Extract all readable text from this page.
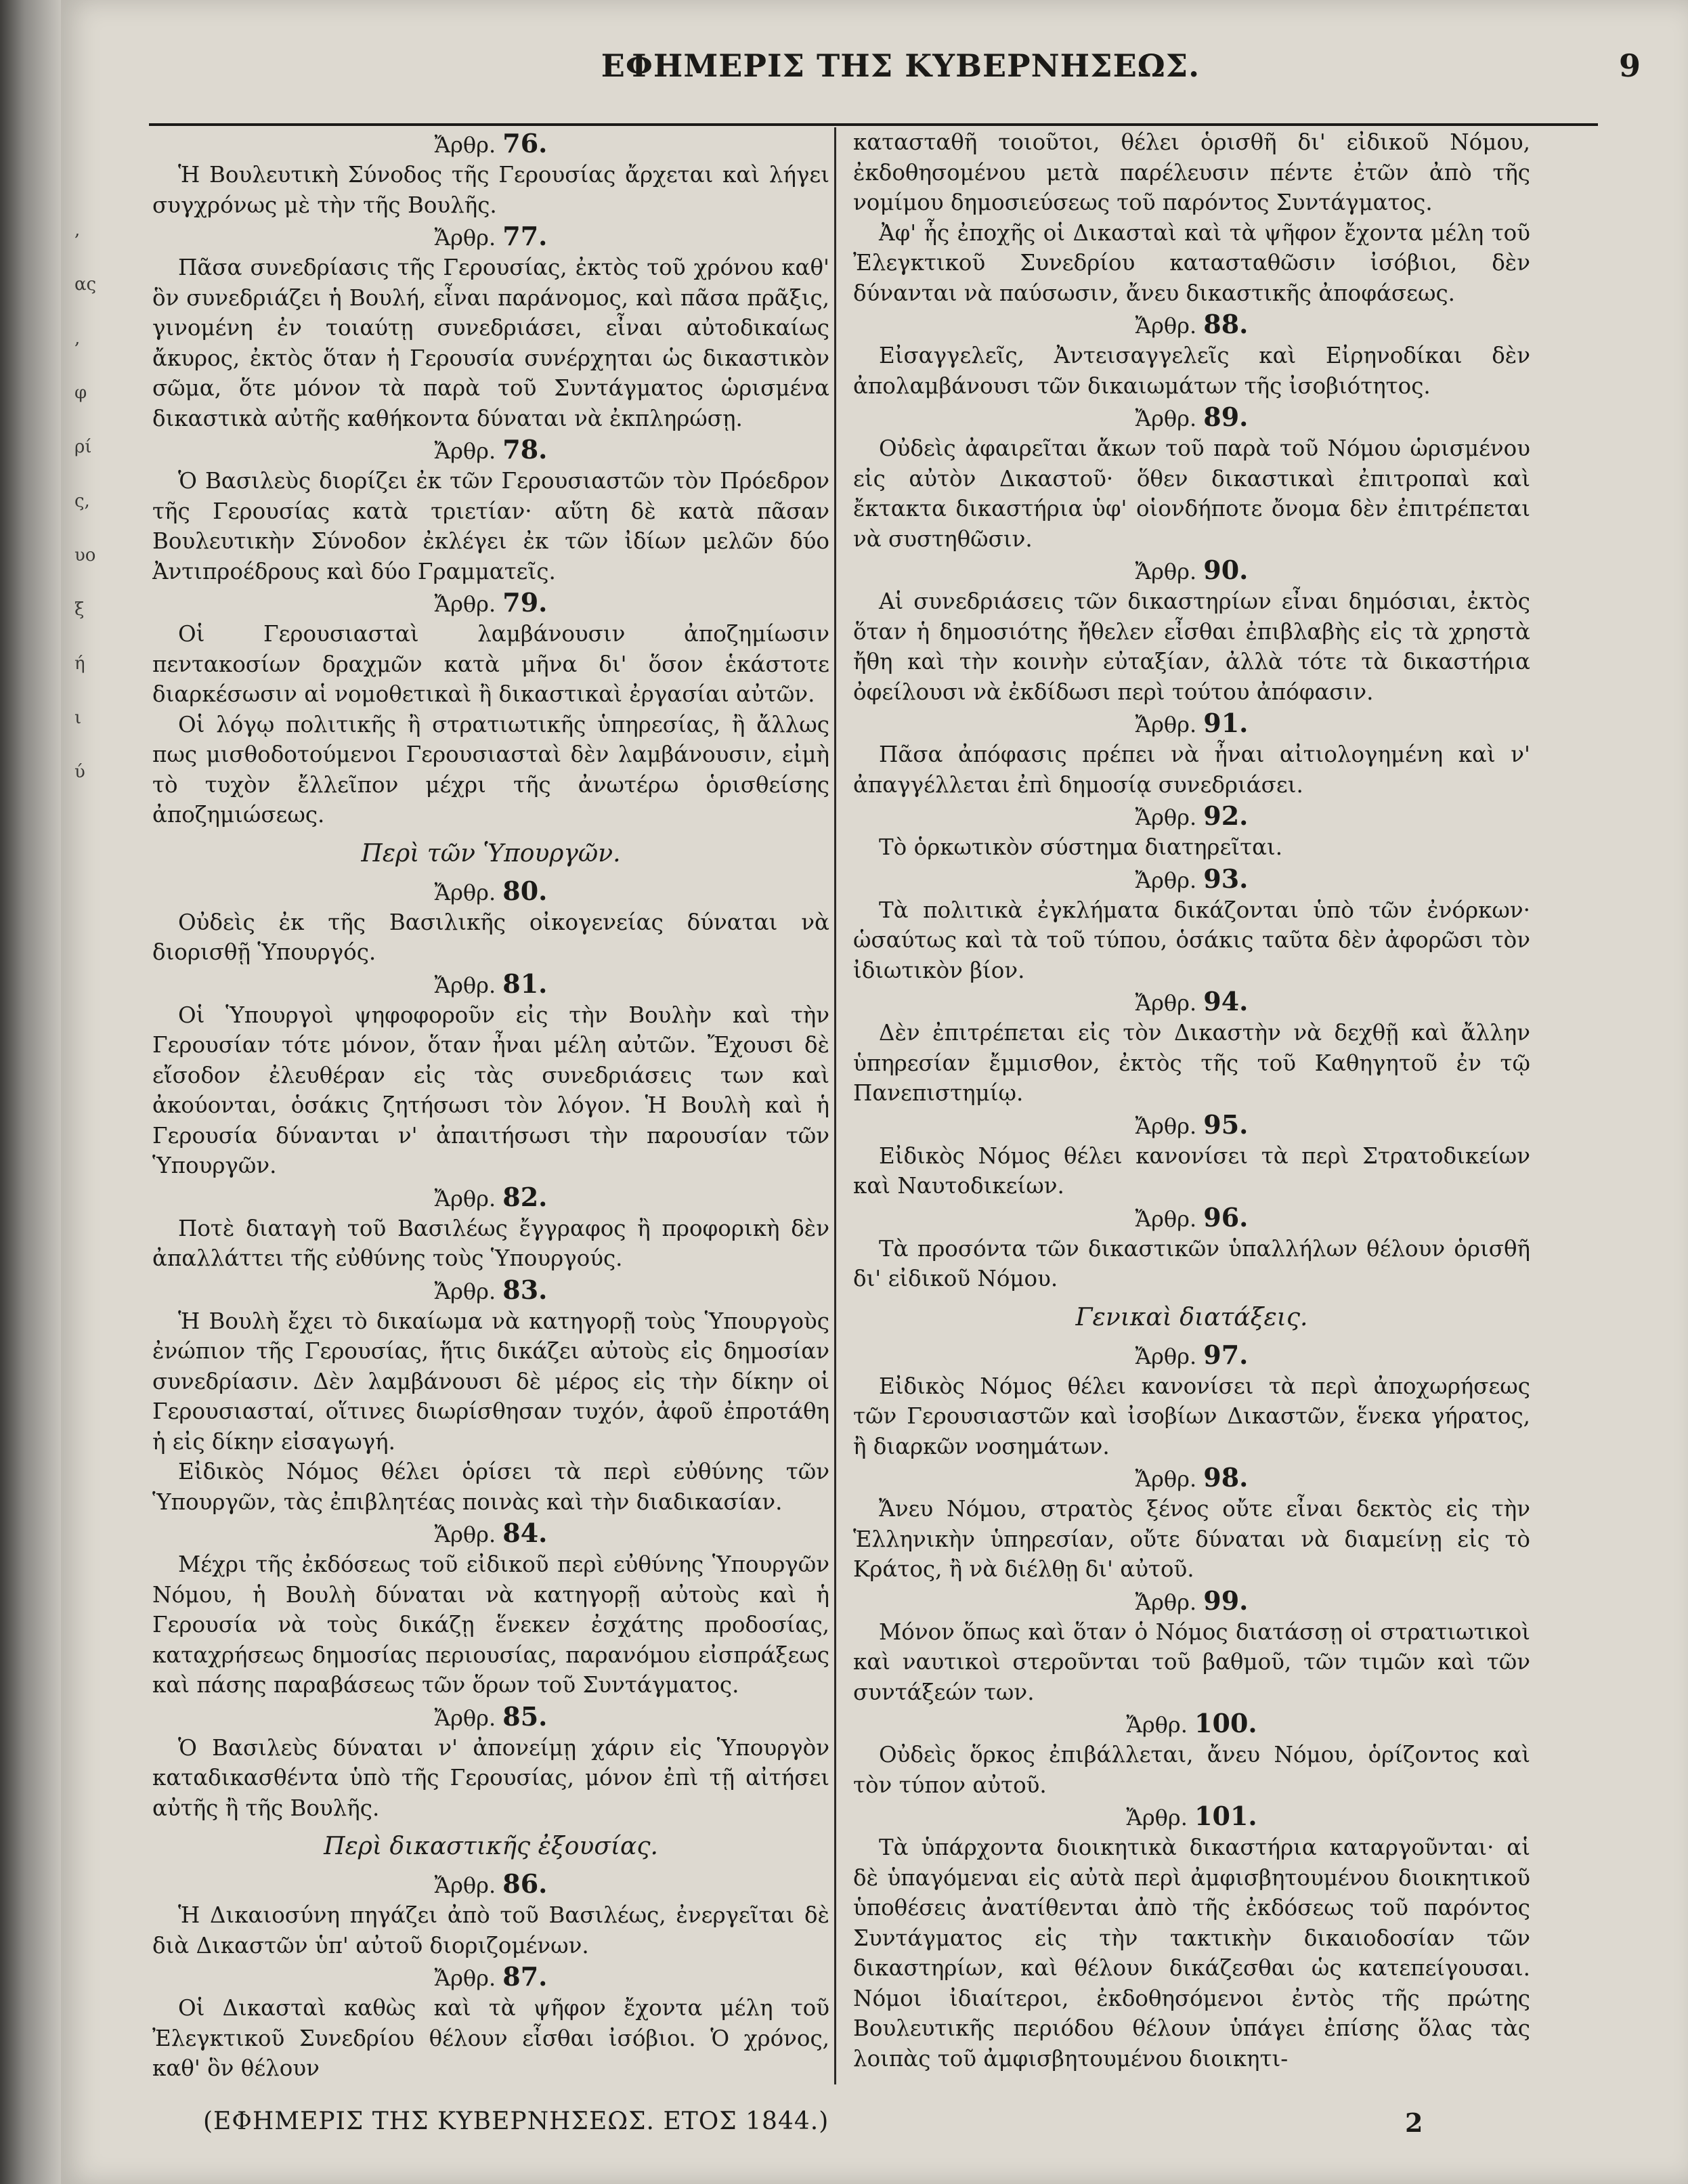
,
ας
,
φ
ρί
ς,
υο
ξ
ή
ι
ύ
ΕΦΗΜΕΡΙΣ ΤΗΣ ΚΥΒΕΡΝΗΣΕΩΣ.	9
Ἄρθρ. 76.

Ἡ Βουλευτικὴ Σύνοδος τῆς Γερουσίας ἄρχεται καὶ λήγει συγχρόνως μὲ τὴν τῆς Βουλῆς.

Ἄρθρ. 77.

Πᾶσα συνεδρίασις τῆς Γερουσίας, ἐκτὸς τοῦ χρόνου καθ' ὃν συνεδριάζει ἡ Βουλή, εἶναι παράνομος, καὶ πᾶσα πρᾶξις, γινομένη ἐν τοιαύτῃ συνεδριάσει, εἶναι αὐτοδικαίως ἄκυρος, ἐκτὸς ὅταν ἡ Γερουσία συνέρχηται ὡς δικαστικὸν σῶμα, ὅτε μόνον τὰ παρὰ τοῦ Συντάγματος ὡρισμένα δικαστικὰ αὐτῆς καθήκοντα δύναται νὰ ἐκπληρώσῃ.

Ἄρθρ. 78.

Ὁ Βασιλεὺς διορίζει ἐκ τῶν Γερουσιαστῶν τὸν Πρόεδρον τῆς Γερουσίας κατὰ τριετίαν· αὕτη δὲ κατὰ πᾶσαν Βουλευτικὴν Σύνοδον ἐκλέγει ἐκ τῶν ἰδίων μελῶν δύο Ἀντιπροέδρους καὶ δύο Γραμματεῖς.

Ἄρθρ. 79.

Οἱ Γερουσιασταὶ λαμβάνουσιν ἀποζημίωσιν πεντακοσίων δραχμῶν κατὰ μῆνα δι' ὅσον ἑκάστοτε διαρκέσωσιν αἱ νομοθετικαὶ ἢ δικαστικαὶ ἐργασίαι αὐτῶν.

Οἱ λόγῳ πολιτικῆς ἢ στρατιωτικῆς ὑπηρεσίας, ἢ ἄλλως πως μισθοδοτούμενοι Γερουσιασταὶ δὲν λαμβάνουσιν, εἰμὴ τὸ τυχὸν ἔλλεῖπον μέχρι τῆς ἀνωτέρω ὁρισθείσης ἀποζημιώσεως.

Περὶ τῶν Ὑπουργῶν.
Ἄρθρ. 80.

Οὐδεὶς ἐκ τῆς Βασιλικῆς οἰκογενείας δύναται νὰ διορισθῇ Ὑπουργός.

Ἄρθρ. 81.

Οἱ Ὑπουργοὶ ψηφοφοροῦν εἰς τὴν Βουλὴν καὶ τὴν Γερουσίαν τότε μόνον, ὅταν ἦναι μέλη αὐτῶν. Ἔχουσι δὲ εἴσοδον ἐλευθέραν εἰς τὰς συνεδριάσεις των καὶ ἀκούονται, ὁσάκις ζητήσωσι τὸν λόγον. Ἡ Βουλὴ καὶ ἡ Γερουσία δύνανται ν' ἀπαιτήσωσι τὴν παρουσίαν τῶν Ὑπουργῶν.

Ἄρθρ. 82.

Ποτὲ διαταγὴ τοῦ Βασιλέως ἔγγραφος ἢ προφορικὴ δὲν ἀπαλλάττει τῆς εὐθύνης τοὺς Ὑπουργούς.

Ἄρθρ. 83.

Ἡ Βουλὴ ἔχει τὸ δικαίωμα νὰ κατηγορῇ τοὺς Ὑπουργοὺς ἐνώπιον τῆς Γερουσίας, ἥτις δικάζει αὐτοὺς εἰς δημοσίαν συνεδρίασιν. Δὲν λαμβάνουσι δὲ μέρος εἰς τὴν δίκην οἱ Γερουσιασταί, οἵτινες διωρίσθησαν τυχόν, ἀφοῦ ἐπροτάθη ἡ εἰς δίκην εἰσαγωγή.

Εἰδικὸς Νόμος θέλει ὁρίσει τὰ περὶ εὐθύνης τῶν Ὑπουργῶν, τὰς ἐπιβλητέας ποινὰς καὶ τὴν διαδικασίαν.

Ἄρθρ. 84.

Μέχρι τῆς ἐκδόσεως τοῦ εἰδικοῦ περὶ εὐθύνης Ὑπουργῶν Νόμου, ἡ Βουλὴ δύναται νὰ κατηγορῇ αὐτοὺς καὶ ἡ Γερουσία νὰ τοὺς δικάζῃ ἕνεκεν ἐσχάτης προδοσίας, καταχρήσεως δημοσίας περιουσίας, παρανόμου εἰσπράξεως καὶ πάσης παραβάσεως τῶν ὅρων τοῦ Συντάγματος.

Ἄρθρ. 85.

Ὁ Βασιλεὺς δύναται ν' ἀπονείμῃ χάριν εἰς Ὑπουργὸν καταδικασθέντα ὑπὸ τῆς Γερουσίας, μόνον ἐπὶ τῇ αἰτήσει αὐτῆς ἢ τῆς Βουλῆς.

Περὶ δικαστικῆς ἐξουσίας.
Ἄρθρ. 86.

Ἡ Δικαιοσύνη πηγάζει ἀπὸ τοῦ Βασιλέως, ἐνεργεῖται δὲ διὰ Δικαστῶν ὑπ' αὐτοῦ διοριζομένων.

Ἄρθρ. 87.

Οἱ Δικασταὶ καθὼς καὶ τὰ ψῆφον ἔχοντα μέλη τοῦ Ἐλεγκτικοῦ Συνεδρίου θέλουν εἶσθαι ἰσόβιοι. Ὁ χρόνος, καθ' ὃν θέλουν

κατασταθῆ τοιοῦτοι, θέλει ὁρισθῆ δι' εἰδικοῦ Νόμου, ἐκδοθησομένου μετὰ παρέλευσιν πέντε ἐτῶν ἀπὸ τῆς νομίμου δημοσιεύσεως τοῦ παρόντος Συντάγματος.

Ἀφ' ἧς ἐποχῆς οἱ Δικασταὶ καὶ τὰ ψῆφον ἔχοντα μέλη τοῦ Ἐλεγκτικοῦ Συνεδρίου κατασταθῶσιν ἰσόβιοι, δὲν δύνανται νὰ παύσωσιν, ἄνευ δικαστικῆς ἀποφάσεως.

Ἄρθρ. 88.

Εἰσαγγελεῖς, Ἀντεισαγγελεῖς καὶ Εἰρηνοδίκαι δὲν ἀπολαμβάνουσι τῶν δικαιωμάτων τῆς ἰσοβιότητος.

Ἄρθρ. 89.

Οὐδεὶς ἀφαιρεῖται ἄκων τοῦ παρὰ τοῦ Νόμου ὡρισμένου εἰς αὐτὸν Δικαστοῦ· ὅθεν δικαστικαὶ ἐπιτροπαὶ καὶ ἔκτακτα δικαστήρια ὑφ' οἱονδήποτε ὄνομα δὲν ἐπιτρέπεται νὰ συστηθῶσιν.

Ἄρθρ. 90.

Αἱ συνεδριάσεις τῶν δικαστηρίων εἶναι δημόσιαι, ἐκτὸς ὅταν ἡ δημοσιότης ἤθελεν εἶσθαι ἐπιβλαβὴς εἰς τὰ χρηστὰ ἤθη καὶ τὴν κοινὴν εὐταξίαν, ἀλλὰ τότε τὰ δικαστήρια ὀφείλουσι νὰ ἐκδίδωσι περὶ τούτου ἀπόφασιν.

Ἄρθρ. 91.

Πᾶσα ἀπόφασις πρέπει νὰ ἦναι αἰτιολογημένη καὶ ν' ἀπαγγέλλεται ἐπὶ δημοσίᾳ συνεδριάσει.

Ἄρθρ. 92.

Τὸ ὁρκωτικὸν σύστημα διατηρεῖται.

Ἄρθρ. 93.

Τὰ πολιτικὰ ἐγκλήματα δικάζονται ὑπὸ τῶν ἐνόρκων· ὡσαύτως καὶ τὰ τοῦ τύπου, ὁσάκις ταῦτα δὲν ἀφορῶσι τὸν ἰδιωτικὸν βίον.

Ἄρθρ. 94.

Δὲν ἐπιτρέπεται εἰς τὸν Δικαστὴν νὰ δεχθῇ καὶ ἄλλην ὑπηρεσίαν ἔμμισθον, ἐκτὸς τῆς τοῦ Καθηγητοῦ ἐν τῷ Πανεπιστημίῳ.

Ἄρθρ. 95.

Εἰδικὸς Νόμος θέλει κανονίσει τὰ περὶ Στρατοδικείων καὶ Ναυτοδικείων.

Ἄρθρ. 96.

Τὰ προσόντα τῶν δικαστικῶν ὑπαλλήλων θέλουν ὁρισθῆ δι' εἰδικοῦ Νόμου.

Γενικαὶ διατάξεις.
Ἄρθρ. 97.

Εἰδικὸς Νόμος θέλει κανονίσει τὰ περὶ ἀποχωρήσεως τῶν Γερουσιαστῶν καὶ ἰσοβίων Δικαστῶν, ἕνεκα γήρατος, ἢ διαρκῶν νοσημάτων.

Ἄρθρ. 98.

Ἄνευ Νόμου, στρατὸς ξένος οὔτε εἶναι δεκτὸς εἰς τὴν Ἑλληνικὴν ὑπηρεσίαν, οὔτε δύναται νὰ διαμείνῃ εἰς τὸ Κράτος, ἢ νὰ διέλθῃ δι' αὐτοῦ.

Ἄρθρ. 99.

Μόνον ὅπως καὶ ὅταν ὁ Νόμος διατάσσῃ οἱ στρατιωτικοὶ καὶ ναυτικοὶ στεροῦνται τοῦ βαθμοῦ, τῶν τιμῶν καὶ τῶν συντάξεών των.

Ἄρθρ. 100.

Οὐδεὶς ὅρκος ἐπιβάλλεται, ἄνευ Νόμου, ὁρίζοντος καὶ τὸν τύπον αὐτοῦ.

Ἄρθρ. 101.

Τὰ ὑπάρχοντα διοικητικὰ δικαστήρια καταργοῦνται· αἱ δὲ ὑπαγόμεναι εἰς αὐτὰ περὶ ἀμφισβητουμένου διοικητικοῦ ὑποθέσεις ἀνατίθενται ἀπὸ τῆς ἐκδόσεως τοῦ παρόντος Συντάγματος εἰς τὴν τακτικὴν δικαιοδοσίαν τῶν δικαστηρίων, καὶ θέλουν δικάζεσθαι ὡς κατεπείγουσαι. Νόμοι ἰδιαίτεροι, ἐκδοθησόμενοι ἐντὸς τῆς πρώτης Βουλευτικῆς περιόδου θέλουν ὑπάγει ἐπίσης ὅλας τὰς λοιπὰς τοῦ ἀμφισβητουμένου διοικητι-

(ΕΦΗΜΕΡΙΣ ΤΗΣ ΚΥΒΕΡΝΗΣΕΩΣ. ΕΤΟΣ 1844.)	2
